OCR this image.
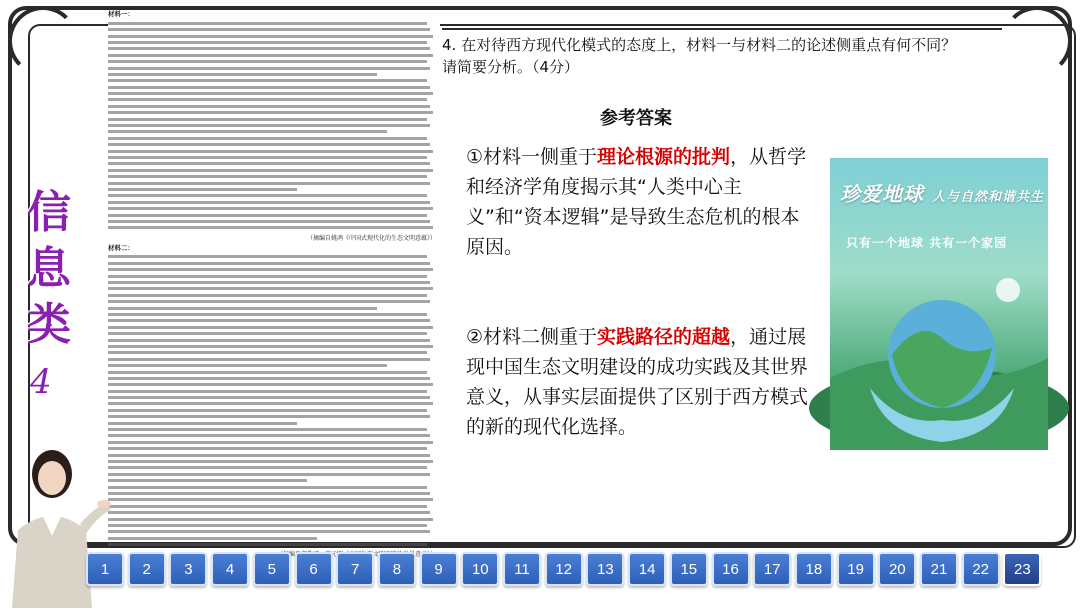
信息类
4
材料一：
（摘编自姚鸿《中国式现代化的生态文明意蕴》）
材料二：
4. 在对待西方现代化模式的态度上，材料一与材料二的论述侧重点有何不同？请简要分析。（4分）
参考答案
①材料一侧重于理论根源的批判，从哲学和经济学角度揭示其“人类中心主义”和“资本逻辑”是导致生态危机的根本原因。
②材料二侧重于实践路径的超越，通过展现中国生态文明建设的成功实践及其世界意义，从事实层面提供了区别于西方模式的新的现代化选择。
珍爱地球 人与自然和谐共生
只有一个地球 共有一个家园
1	2	3	4	5	6	7	8	9	10	11	12	13	14	15	16	17	18	19	20	21	22	23
